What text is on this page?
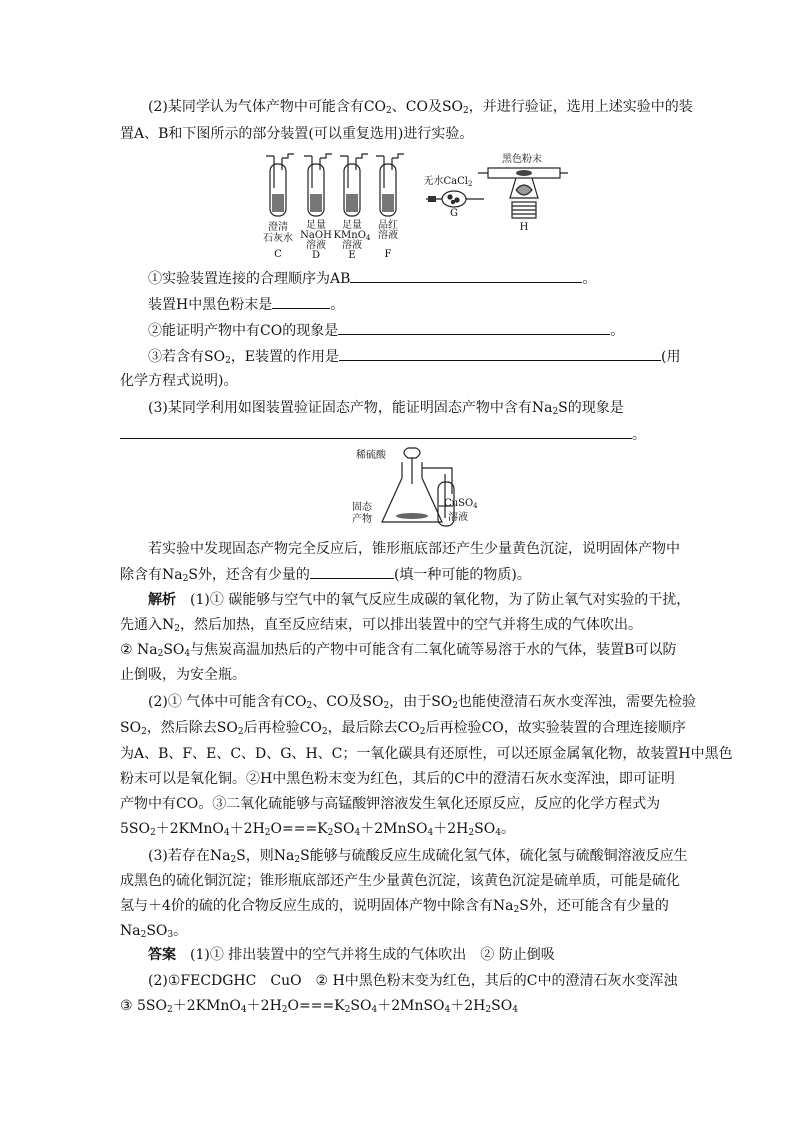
(2)某同学认为气体产物中可能含有$CO_2$、CO及$SO_2$，并进行验证，选用上述实验中的装
置A、B和下图所示的部分装置(可以重复选用)进行实验。
澄清
石灰水
C
足量
NaOH
溶液
D
足量
KMnO$_4$
溶液
E
品红
溶液
F
无水CaCl$_2$
G
黑色粉末
H
①实验装置连接的合理顺序为AB	。
装置H中黑色粉末是	。
②能证明产物中有CO的现象是	。
③若含有$SO_2$，E装置的作用是	(用
化学方程式说明)。
(3)某同学利用如图装置验证固态产物，能证明固态产物中含有$Na_2S$的现象是
。
稀硫酸
固态
产物
CuSO$_4$
溶液
若实验中发现固态产物完全反应后，锥形瓶底部还产生少量黄色沉淀，说明固体产物中
除含有$Na_2S$外，还含有少量的	(填一种可能的物质)。
解析　 (1)① 碳能够与空气中的氧气反应生成碳的氧化物，为了防止氧气对实验的干扰，
先通入$N_2$，然后加热，直至反应结束，可以排出装置中的空气并将生成的气体吹出。
② $Na_2SO_4$与焦炭高温加热后的产物中可能含有二氧化硫等易溶于水的气体，装置B可以防
止倒吸，为安全瓶。
(2)① 气体中可能含有$CO_2$、CO及$SO_2$，由于$SO_2$也能使澄清石灰水变浑浊，需要先检验
$SO_2$，然后除去$SO_2$后再检验$CO_2$，最后除去$CO_2$后再检验CO，故实验装置的合理连接顺序
为A、B、F、E、C、D、G、H、C；一氧化碳具有还原性，可以还原金属氧化物，故装置H中黑色
粉末可以是氧化铜。②H中黑色粉末变为红色，其后的C中的澄清石灰水变浑浊，即可证明
产物中有CO。③二氧化硫能够与高锰酸钾溶液发生氧化还原反应，反应的化学方程式为
$5SO_2+2KMnO_4+2H_2O===K_2SO_4+2MnSO_4+2H_2SO_4$。
(3)若存在$Na_2S$，则$Na_2S$能够与硫酸反应生成硫化氢气体，硫化氢与硫酸铜溶液反应生
成黑色的硫化铜沉淀；锥形瓶底部还产生少量黄色沉淀，该黄色沉淀是硫单质，可能是硫化
氢与＋4价的硫的化合物反应生成的，说明固体产物中除含有$Na_2S$外，还可能含有少量的
$Na_2SO_3$。
答案　 (1)① 排出装置中的空气并将生成的气体吹出　② 防止倒吸
(2)①FECDGHC　CuO　② H中黑色粉末变为红色，其后的C中的澄清石灰水变浑浊
③ $5SO_2+2KMnO_4+2H_2O===K_2SO_4+2MnSO_4+2H_2SO_4$
